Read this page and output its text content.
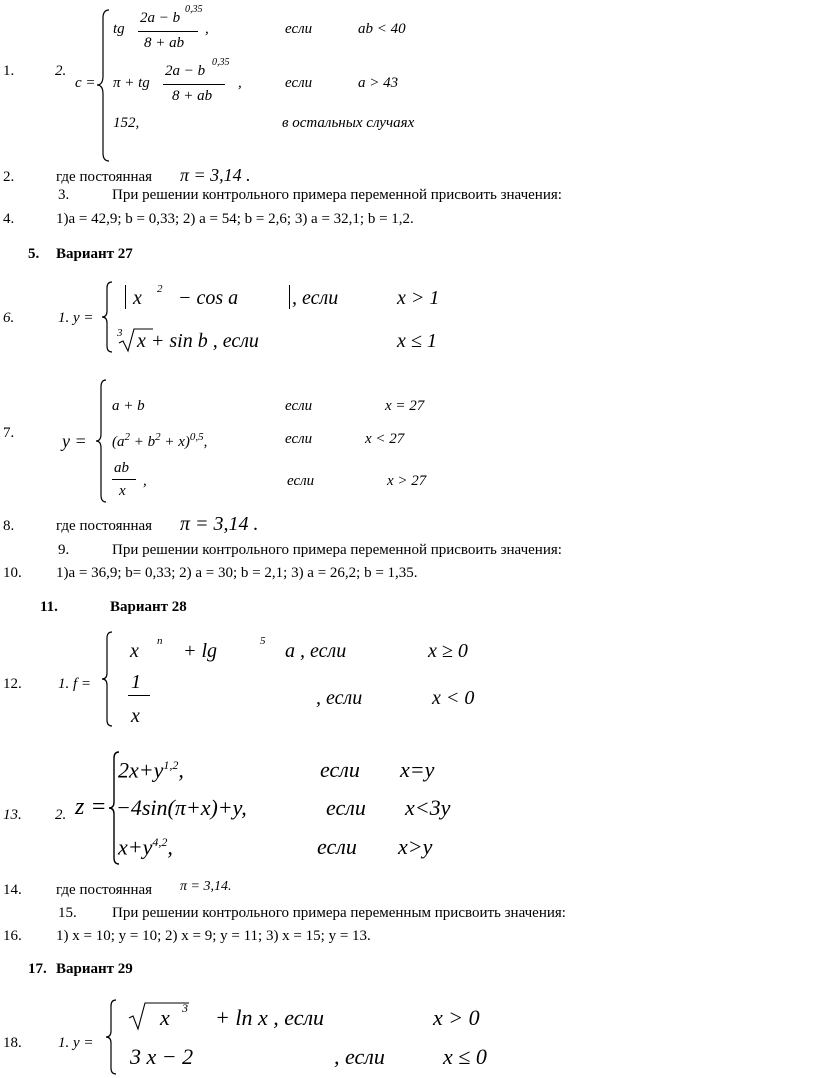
1.
2.
3.
4.
5.
6.
7.
8.
9.
10.
11.
12.
13.
14.
15.
16.
17.
18.
2.
c =
tg
2a − b
0,35
8 + ab
,	если	ab < 40
π + tg
2a − b
0,35
8 + ab
,	если	a > 43
152,	в остальных случаях
где постоянная π = 3,14 .
При решении контрольного примера переменной присвоить значения:
1)a = 42,9; b = 0,33; 2) a = 54; b = 2,6; 3) a = 32,1; b = 1,2.
Вариант 27
1. y =
x 2 − cos a	, если	x > 1
3 x + sin b , если	x ≤ 1
y =
a + b	если	x = 27
$(a^2 + b^2 + x)^{0,5}$,	если	x < 27
ab
x
,	если	x > 27
где постоянная π = 3,14 .
При решении контрольного примера переменной присвоить значения:
1)a = 36,9; b= 0,33; 2) a = 30; b = 2,1; 3) a = 26,2; b = 1,35.
Вариант 28
1. f =
x n + lg	5 a , если	x ≥ 0
1
x
, если	x < 0
2. z =
$2x+y^{1,2}$,	если x=y
−4sin(π+x)+y,	если x<3y
$x+y^{4,2}$,	если x>y
где постоянная π = 3,14.
При решении контрольного примера переменным присвоить значения:
1) x = 10; y = 10; 2) x = 9; y = 11; 3) x = 15; y = 13.
Вариант 29
1. y =
x 3 + ln x , если	x > 0
3 x − 2	, если	x ≤ 0
